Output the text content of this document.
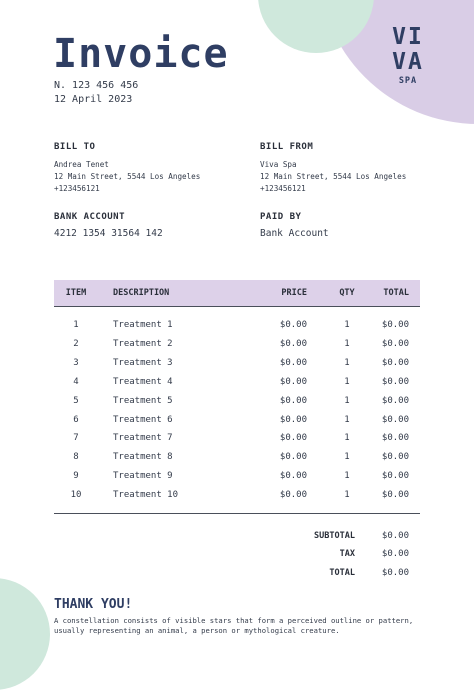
Invoice
N. 123 456 456
12 April 2023
VI
VA
SPA
BILL TO
Andrea Tenet
12 Main Street, 5544 Los Angeles
+123456121
BILL FROM
Viva Spa
12 Main Street, 5544 Los Angeles
+123456121
BANK ACCOUNT
4212 1354 31564 142
PAID BY
Bank Account
ITEM	DESCRIPTION	PRICE	QTY	TOTAL
1	Treatment 1	$0.00	1	$0.00
2	Treatment 2	$0.00	1	$0.00
3	Treatment 3	$0.00	1	$0.00
4	Treatment 4	$0.00	1	$0.00
5	Treatment 5	$0.00	1	$0.00
6	Treatment 6	$0.00	1	$0.00
7	Treatment 7	$0.00	1	$0.00
8	Treatment 8	$0.00	1	$0.00
9	Treatment 9	$0.00	1	$0.00
10	Treatment 10	$0.00	1	$0.00
SUBTOTAL	$0.00
TAX	$0.00
TOTAL	$0.00
THANK YOU!
A constellation consists of visible stars that form a perceived outline or pattern, usually representing an animal, a person or mythological creature.
